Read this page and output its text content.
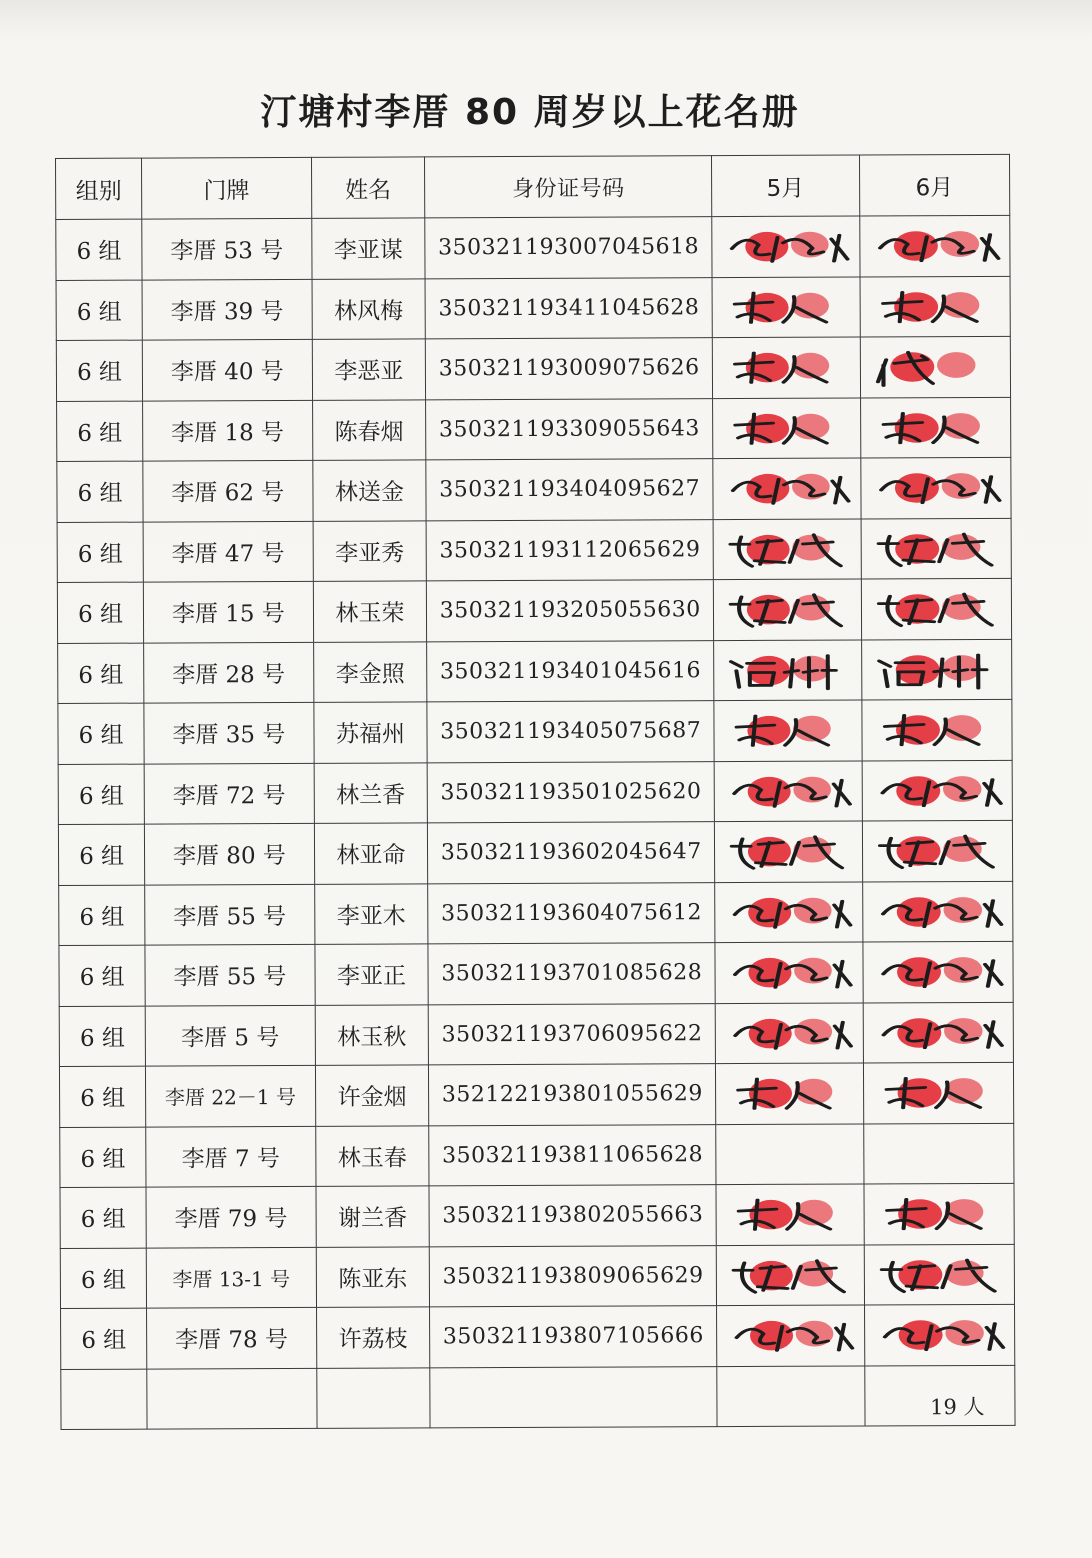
汀塘村李厝 80 周岁以上花名册
组别	门牌	姓名	身份证号码	5月	6月
6 组	李厝 53 号	李亚谋	350321193007045618	

6 组	李厝 39 号	林风梅	350321193411045628	

6 组	李厝 40 号	李恶亚	350321193009075626	

6 组	李厝 18 号	陈春烟	350321193309055643	

6 组	李厝 62 号	林送金	350321193404095627	

6 组	李厝 47 号	李亚秀	350321193112065629	

6 组	李厝 15 号	林玉荣	350321193205055630	

6 组	李厝 28 号	李金照	350321193401045616	

6 组	李厝 35 号	苏福州	350321193405075687	

6 组	李厝 72 号	林兰香	350321193501025620	

6 组	李厝 80 号	林亚命	350321193602045647	

6 组	李厝 55 号	李亚木	350321193604075612	

6 组	李厝 55 号	李亚正	350321193701085628	

6 组	李厝 5 号	林玉秋	350321193706095622	

6 组	李厝 22－1 号	许金烟	352122193801055629	

6 组	李厝 7 号	林玉春	350321193811065628	

6 组	李厝 79 号	谢兰香	350321193802055663	

6 组	李厝 13-1 号	陈亚东	350321193809065629	

6 组	李厝 78 号	许荔枝	350321193807105666	

					19 人
